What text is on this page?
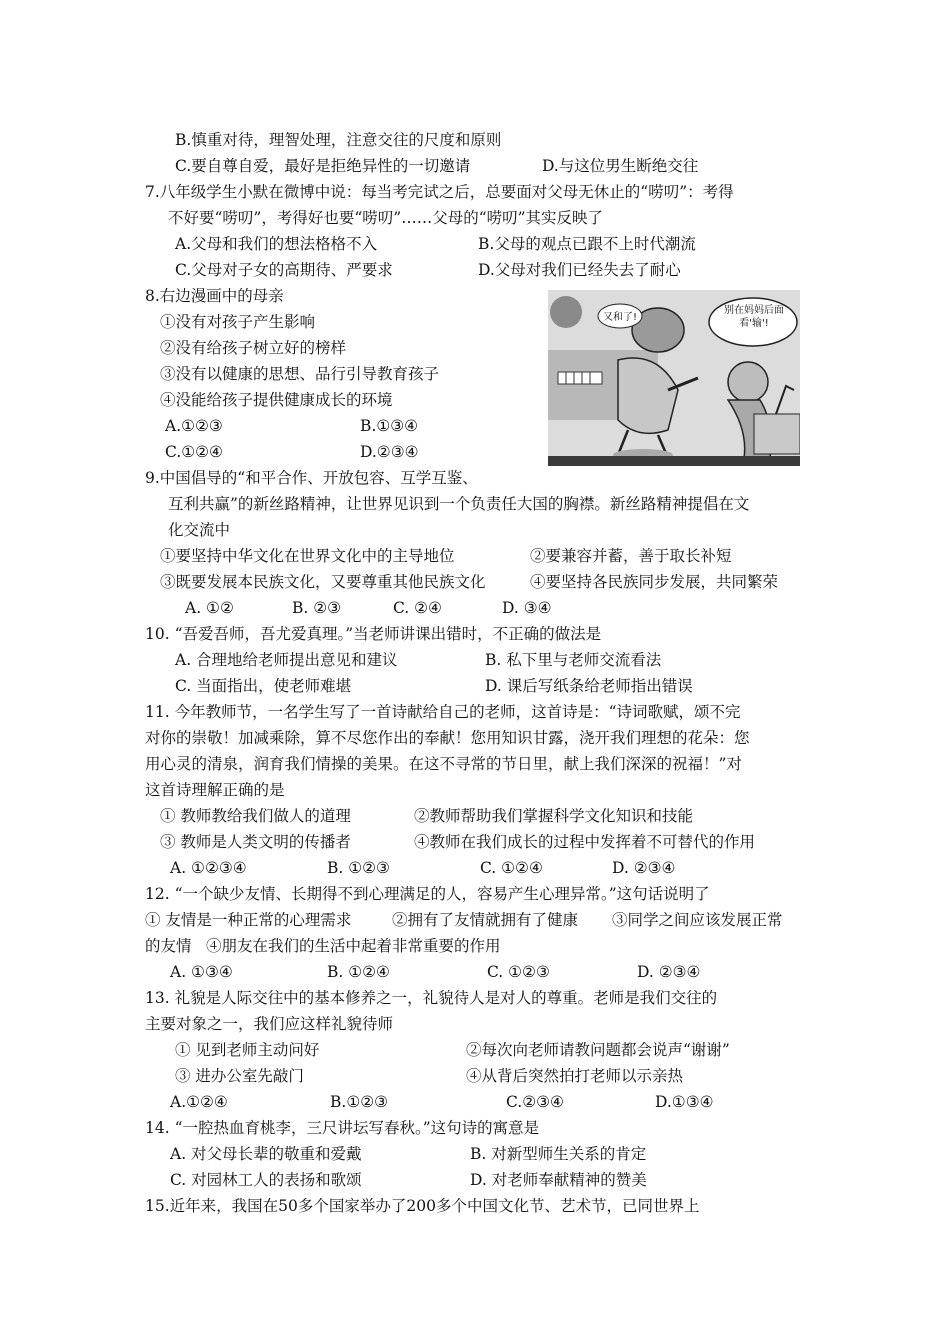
B.慎重对待，理智处理，注意交往的尺度和原则
C.要自尊自爱，最好是拒绝异性的一切邀请	D.与这位男生断绝交往
7.八年级学生小默在微博中说：每当考完试之后，总要面对父母无休止的“唠叨”：考得
不好要“唠叨”，考得好也要“唠叨”……父母的“唠叨”其实反映了
A.父母和我们的想法格格不入	B.父母的观点已跟不上时代潮流
C.父母对子女的高期待、严要求	D.父母对我们已经失去了耐心
8.右边漫画中的母亲
①没有对孩子产生影响
②没有给孩子树立好的榜样
③没有以健康的思想、品行引导教育孩子
④没能给孩子提供健康成长的环境
A.①②③	B.①③④
C.①②④	D.②③④
9.中国倡导的“和平合作、开放包容、互学互鉴、
互利共赢”的新丝路精神，让世界见识到一个负责任大国的胸襟。新丝路精神提倡在文
化交流中
①要坚持中华文化在世界文化中的主导地位	②要兼容并蓄，善于取长补短
③既要发展本民族文化，又要尊重其他民族文化	④要坚持各民族同步发展，共同繁荣
A. ①②	B. ②③	C. ②④	D. ③④
10. “吾爱吾师，吾尤爱真理。”当老师讲课出错时，不正确的做法是
A. 合理地给老师提出意见和建议	B. 私下里与老师交流看法
C. 当面指出，使老师难堪	D. 课后写纸条给老师指出错误
11. 今年教师节，一名学生写了一首诗献给自己的老师，这首诗是：“诗词歌赋，颂不完
对你的崇敬！加减乘除，算不尽您作出的奉献！您用知识甘露，浇开我们理想的花朵：您
用心灵的清泉，润育我们情操的美果。在这不寻常的节日里，献上我们深深的祝福！”对
这首诗理解正确的是
① 教师教给我们做人的道理	②教师帮助我们掌握科学文化知识和技能
③ 教师是人类文明的传播者	④教师在我们成长的过程中发挥着不可替代的作用
A. ①②③④	B. ①②③	C. ①②④	D. ②③④
12. “一个缺少友情、长期得不到心理满足的人，容易产生心理异常。”这句话说明了
① 友情是一种正常的心理需求	②拥有了友情就拥有了健康 ③同学之间应该发展正常
的友情 ④朋友在我们的生活中起着非常重要的作用
A. ①③④	B. ①②④	C. ①②③	D. ②③④
13. 礼貌是人际交往中的基本修养之一，礼貌待人是对人的尊重。老师是我们交往的
主要对象之一，我们应这样礼貌待师
① 见到老师主动问好	②每次向老师请教问题都会说声“谢谢”
③ 进办公室先敲门	④从背后突然拍打老师以示亲热
A.①②④	B.①②③	C.②③④	D.①③④
14. “一腔热血育桃李，三尺讲坛写春秋。”这句诗的寓意是
A. 对父母长辈的敬重和爱戴	B. 对新型师生关系的肯定
C. 对园林工人的表扬和歌颂	D. 对老师奉献精神的赞美
15.近年来，我国在50多个国家举办了200多个中国文化节、艺术节，已同世界上
又和了!
别在妈妈后面看'输'!
